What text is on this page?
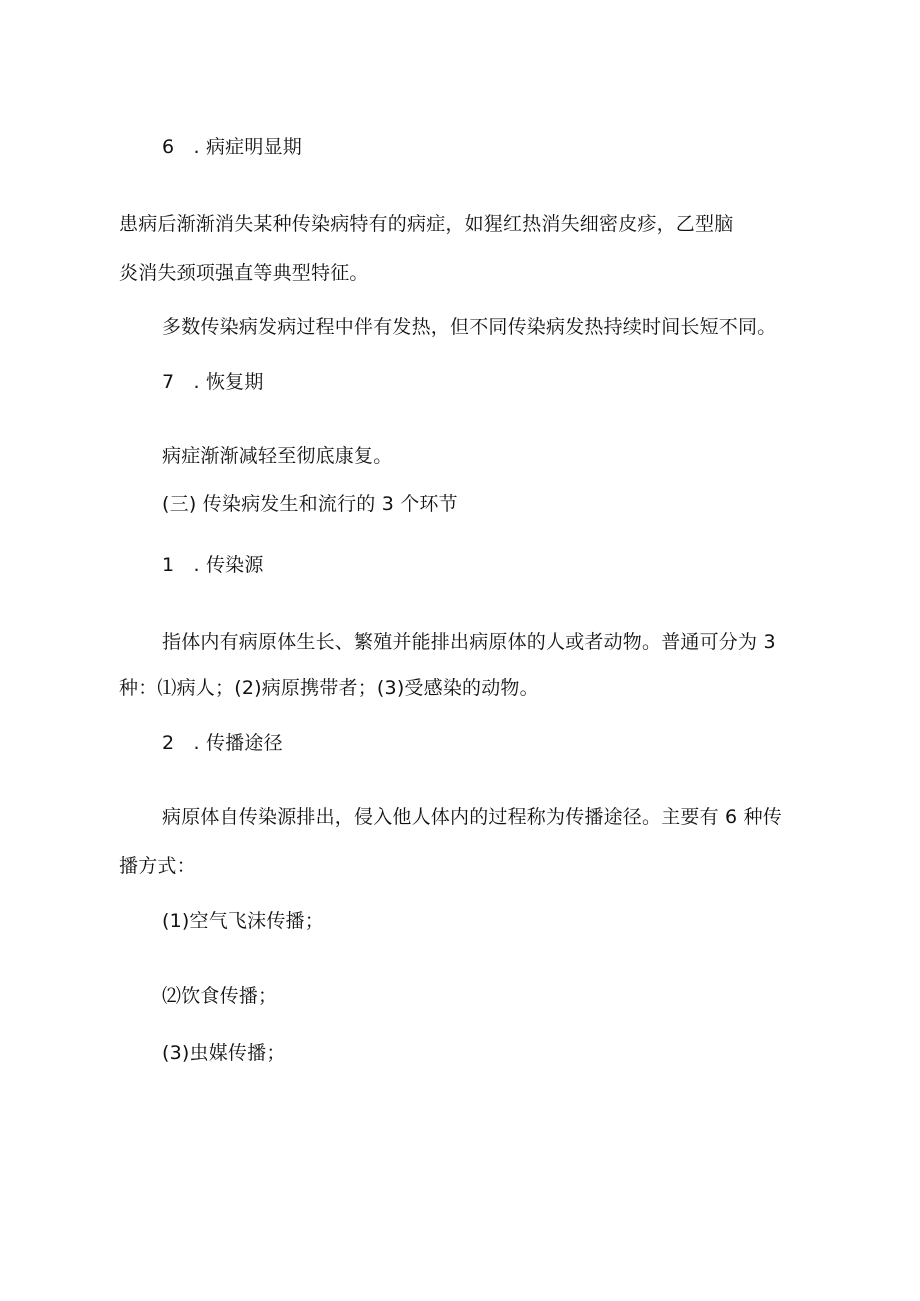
6　. 病症明显期
患病后渐渐消失某种传染病特有的病症，如猩红热消失细密皮疹，乙型脑
炎消失颈项强直等典型特征。
多数传染病发病过程中伴有发热，但不同传染病发热持续时间长短不同。
7　. 恢复期
病症渐渐减轻至彻底康复。
(三) 传染病发生和流行的 3 个环节
1　. 传染源
指体内有病原体生长、繁殖并能排出病原体的人或者动物。普通可分为 3
种：⑴病人；(2)病原携带者；(3)受感染的动物。
2　. 传播途径
病原体自传染源排出，侵入他人体内的过程称为传播途径。主要有 6 种传
播方式：
(1)空气飞沫传播；
⑵饮食传播；
(3)虫媒传播；
